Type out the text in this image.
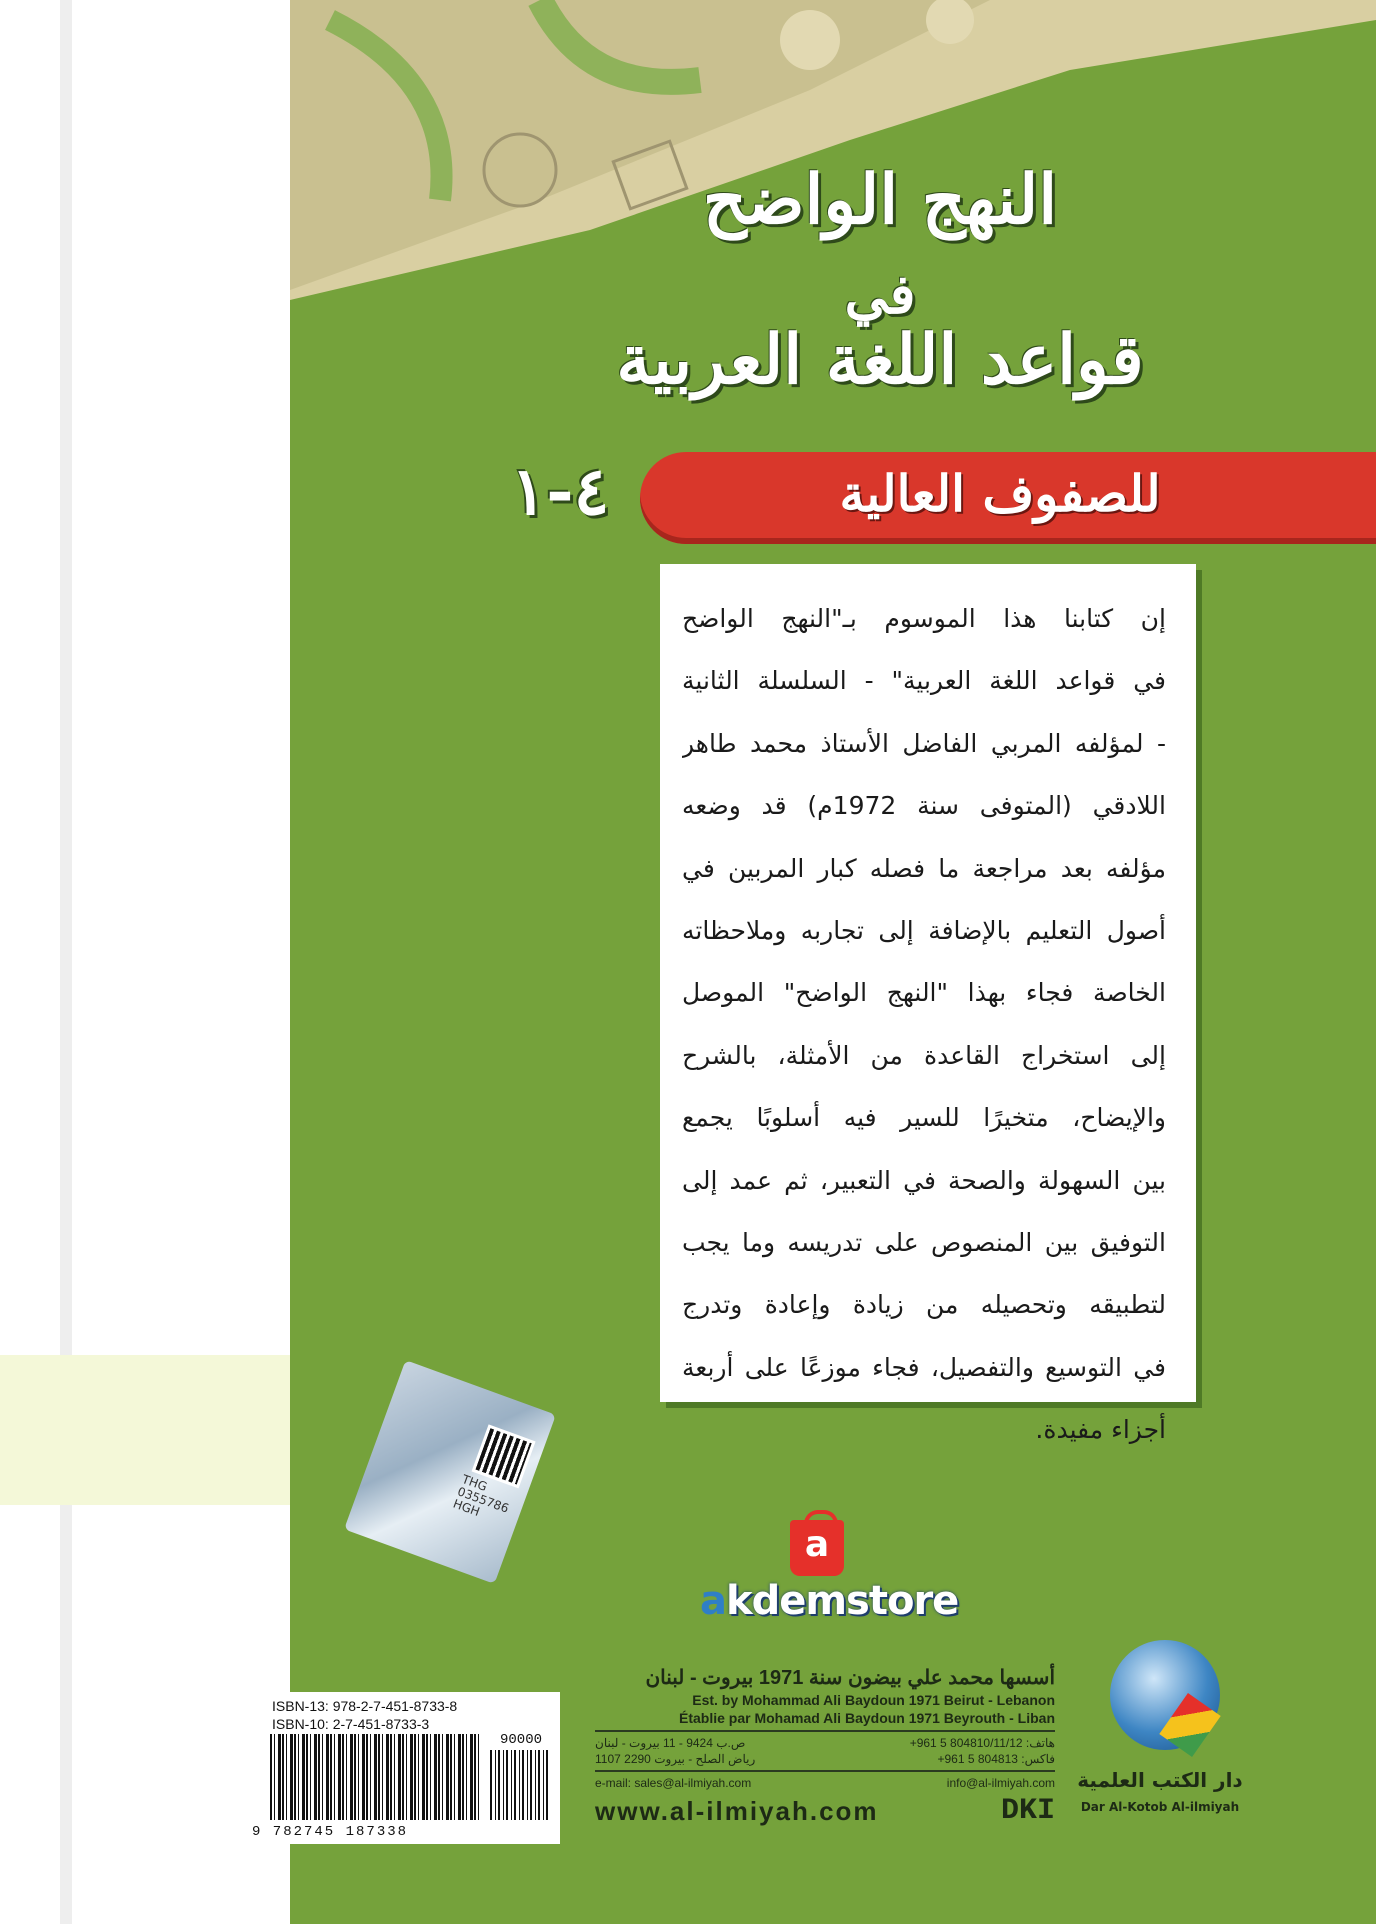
النهج الواضح
في
قواعد اللغة العربية
للصفوف العالية
٤-١
إن كتابنا هذا الموسوم بـ"النهج الواضح
في قواعد اللغة العربية" - السلسلة الثانية
- لمؤلفه المربي الفاضل الأستاذ محمد طاهر
اللادقي (المتوفى سنة 1972م) قد وضعه
مؤلفه بعد مراجعة ما فصله كبار المربين في
أصول التعليم بالإضافة إلى تجاربه وملاحظاته
الخاصة فجاء بهذا "النهج الواضح" الموصل
إلى استخراج القاعدة من الأمثلة، بالشرح
والإيضاح، متخيرًا للسير فيه أسلوبًا يجمع
بين السهولة والصحة في التعبير، ثم عمد إلى
التوفيق بين المنصوص على تدريسه وما يجب
لتطبيقه وتحصيله من زيادة وإعادة وتدرج
في التوسيع والتفصيل، فجاء موزعًا على أربعة
أجزاء مفيدة.
THG 0355786 HGH
a
akdemstore
أسسها محمد علي بيضون سنة 1971 بيروت - لبنان
Est. by Mohammad Ali Baydoun 1971 Beirut - Lebanon
Établie par Mohamad Ali Baydoun 1971 Beyrouth - Liban
ص.ب 9424 - 11 بيروت - لبنان	+961 5 804810/11/12 :هاتف
رياض الصلح - بيروت 2290 1107	+961 5 804813 :فاكس
e-mail: sales@al-ilmiyah.com	info@al-ilmiyah.com
www.al-ilmiyah.com	DKI
دار الكتب العلمية
Dar Al-Kotob Al-ilmiyah
ISBN-13: 978-2-7-451-8733-8
ISBN-10: 2-7-451-8733-3
90000
9 782745 187338
